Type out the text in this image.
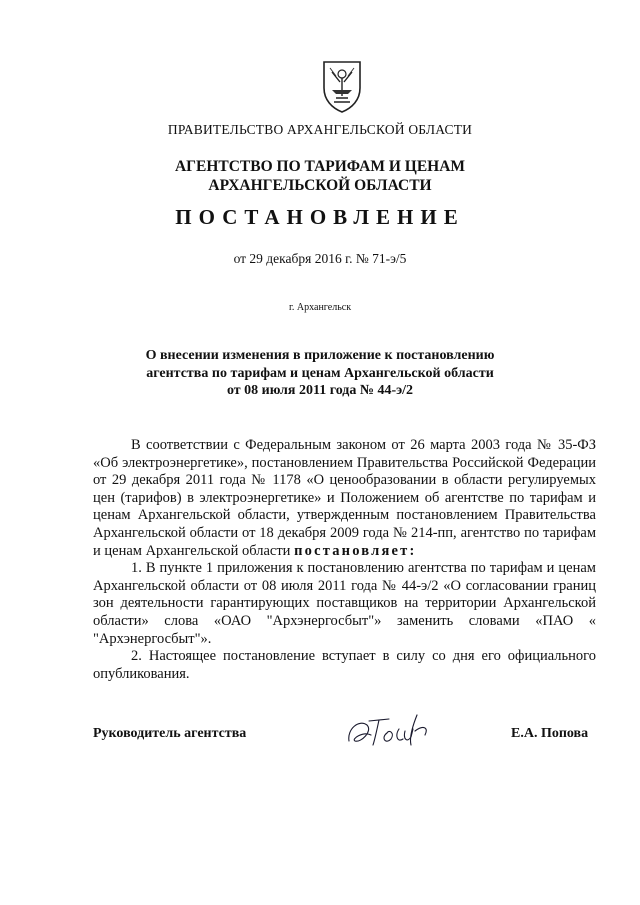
ПРАВИТЕЛЬСТВО АРХАНГЕЛЬСКОЙ ОБЛАСТИ
АГЕНТСТВО ПО ТАРИФАМ И ЦЕНАМ
АРХАНГЕЛЬСКОЙ ОБЛАСТИ
ПОСТАНОВЛЕНИЕ
от 29 декабря 2016 г. № 71-э/5
г. Архангельск
О внесении изменения в приложение к постановлению
агентства по тарифам и ценам Архангельской области
от 08 июля 2011 года № 44-э/2

В соответствии с Федеральным законом от 26 марта 2003 года № 35-ФЗ «Об электроэнергетике», постановлением Правительства Российской Федерации от 29 декабря 2011 года № 1178 «О ценообразовании в области регулируемых цен (тарифов) в электроэнергетике» и Положением об агентстве по тарифам и ценам Архангельской области, утвержденным постановлением Правительства Архангельской области от 18 декабря 2009 года № 214-пп, агентство по тарифам и ценам Архангельской области постановляет:

1. В пункте 1 приложения к постановлению агентства по тарифам и ценам Архангельской области от 08 июля 2011 года № 44-э/2 «О согласовании границ зон деятельности гарантирующих поставщиков на территории Архангельской области» слова «ОАО "Архэнергосбыт"» заменить словами «ПАО « "Архэнергосбыт"».

2. Настоящее постановление вступает в силу со дня его официального опубликования.

Руководитель агентства	Е.А. Попова
